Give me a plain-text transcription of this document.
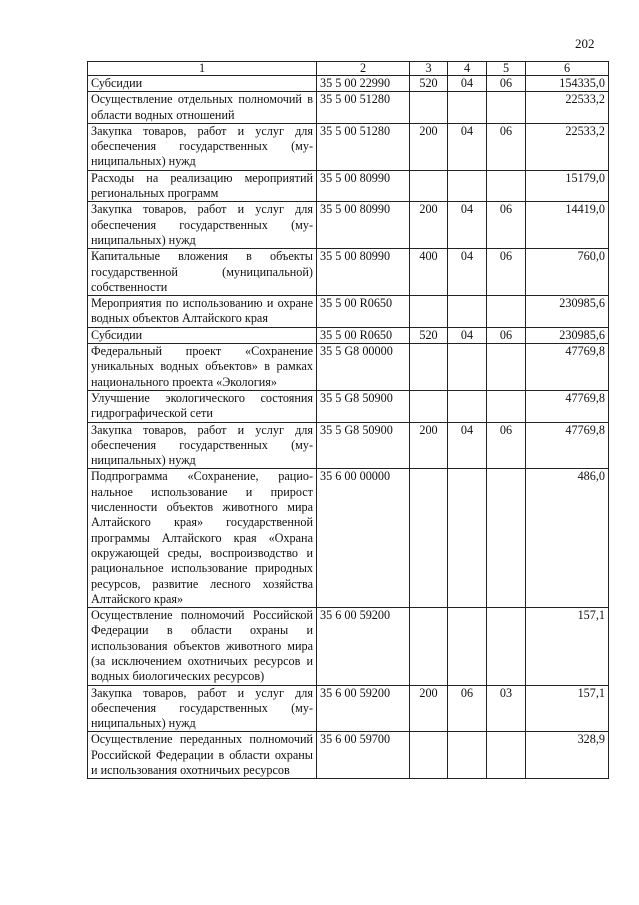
202
1	2	3	4	5	6
Субсидии	35 5 00 22990	520	04	06	154335,0
Осуществление отдельных полномочий в области водных отношений	35 5 00 51280				22533,2
Закупка товаров, работ и услуг для обеспечения государственных (муниципальных) нужд	35 5 00 51280	200	04	06	22533,2
Расходы на реализацию мероприятий региональных программ	35 5 00 80990				15179,0
Закупка товаров, работ и услуг для обеспечения государственных (муниципальных) нужд	35 5 00 80990	200	04	06	14419,0
Капитальные вложения в объекты государственной (муниципальной) собственности	35 5 00 80990	400	04	06	760,0
Мероприятия по использованию и охране водных объектов Алтайского края	35 5 00 R0650				230985,6
Субсидии	35 5 00 R0650	520	04	06	230985,6
Федеральный проект «Сохранение уникальных водных объектов» в рамках национального проекта «Экология»	35 5 G8 00000				47769,8
Улучшение экологического состояния гидрографической сети	35 5 G8 50900				47769,8
Закупка товаров, работ и услуг для обеспечения государственных (муниципальных) нужд	35 5 G8 50900	200	04	06	47769,8
Подпрограмма «Сохранение, рациональное использование и прирост численности объектов животного мира Алтайского края» государственной программы Алтайского края «Охрана окружающей среды, воспроизводство и рациональное использование природных ресурсов, развитие лесного хозяйства Алтайского края»	35 6 00 00000				486,0
Осуществление полномочий Российской Федерации в области охраны и использования объектов животного мира (за исключением охотничьих ресурсов и водных биологических ресурсов)	35 6 00 59200				157,1
Закупка товаров, работ и услуг для обеспечения государственных (муниципальных) нужд	35 6 00 59200	200	06	03	157,1
Осуществление переданных полномочий Российской Федерации в области охраны и использования охотничьих ресурсов	35 6 00 59700				328,9
